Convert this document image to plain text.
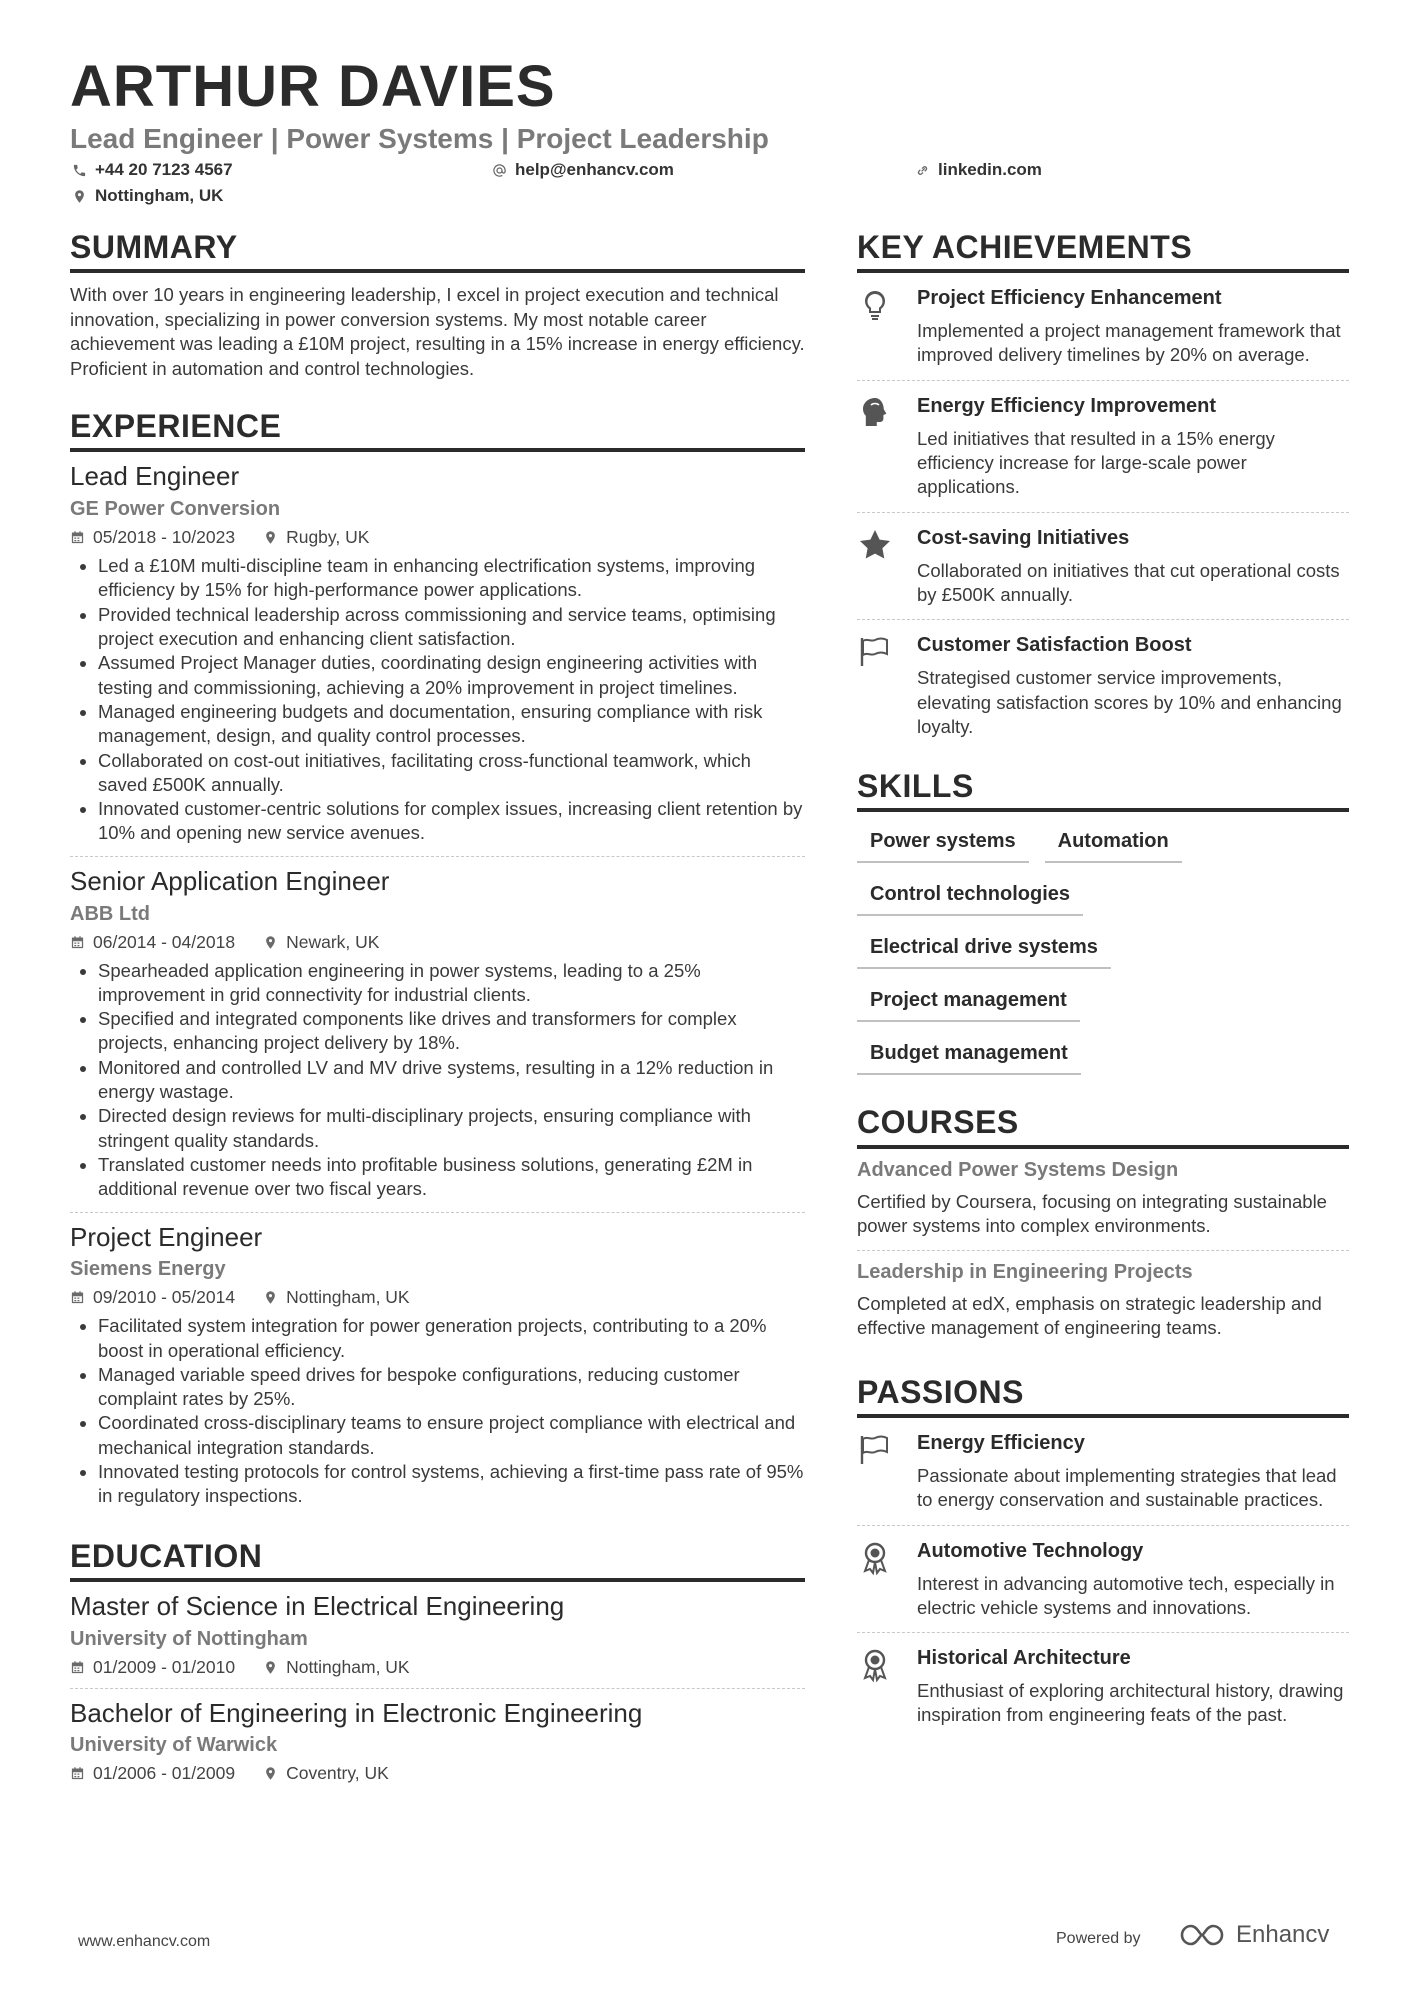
ARTHUR DAVIES
Lead Engineer | Power Systems | Project Leadership
+44 20 7123 4567	help@enhancv.com	linkedin.com
Nottingham, UK
SUMMARY
With over 10 years in engineering leadership, I excel in project execution and technical innovation, specializing in power conversion systems. My most notable career achievement was leading a £10M project, resulting in a 15% increase in energy efficiency. Proficient in automation and control technologies.
EXPERIENCE
Lead Engineer
GE Power Conversion
05/2018 - 10/2023	Rugby, UK
Led a £10M multi-discipline team in enhancing electrification systems, improving efficiency by 15% for high-performance power applications.
Provided technical leadership across commissioning and service teams, optimising project execution and enhancing client satisfaction.
Assumed Project Manager duties, coordinating design engineering activities with testing and commissioning, achieving a 20% improvement in project timelines.
Managed engineering budgets and documentation, ensuring compliance with risk management, design, and quality control processes.
Collaborated on cost-out initiatives, facilitating cross-functional teamwork, which saved £500K annually.
Innovated customer-centric solutions for complex issues, increasing client retention by 10% and opening new service avenues.
Senior Application Engineer
ABB Ltd
06/2014 - 04/2018	Newark, UK
Spearheaded application engineering in power systems, leading to a 25% improvement in grid connectivity for industrial clients.
Specified and integrated components like drives and transformers for complex projects, enhancing project delivery by 18%.
Monitored and controlled LV and MV drive systems, resulting in a 12% reduction in energy wastage.
Directed design reviews for multi-disciplinary projects, ensuring compliance with stringent quality standards.
Translated customer needs into profitable business solutions, generating £2M in additional revenue over two fiscal years.
Project Engineer
Siemens Energy
09/2010 - 05/2014	Nottingham, UK
Facilitated system integration for power generation projects, contributing to a 20% boost in operational efficiency.
Managed variable speed drives for bespoke configurations, reducing customer complaint rates by 25%.
Coordinated cross-disciplinary teams to ensure project compliance with electrical and mechanical integration standards.
Innovated testing protocols for control systems, achieving a first-time pass rate of 95% in regulatory inspections.
EDUCATION
Master of Science in Electrical Engineering
University of Nottingham
01/2009 - 01/2010	Nottingham, UK
Bachelor of Engineering in Electronic Engineering
University of Warwick
01/2006 - 01/2009	Coventry, UK
KEY ACHIEVEMENTS
Project Efficiency Enhancement
Implemented a project management framework that improved delivery timelines by 20% on average.
Energy Efficiency Improvement
Led initiatives that resulted in a 15% energy efficiency increase for large-scale power applications.
Cost-saving Initiatives
Collaborated on initiatives that cut operational costs by £500K annually.
Customer Satisfaction Boost
Strategised customer service improvements, elevating satisfaction scores by 10% and enhancing loyalty.
SKILLS
Power systems	Automation
Control technologies
Electrical drive systems
Project management
Budget management
COURSES
Advanced Power Systems Design
Certified by Coursera, focusing on integrating sustainable power systems into complex environments.
Leadership in Engineering Projects
Completed at edX, emphasis on strategic leadership and effective management of engineering teams.
PASSIONS
Energy Efficiency
Passionate about implementing strategies that lead to energy conservation and sustainable practices.
Automotive Technology
Interest in advancing automotive tech, especially in electric vehicle systems and innovations.
Historical Architecture
Enthusiast of exploring architectural history, drawing inspiration from engineering feats of the past.
www.enhancv.com	Powered by	Enhancv
